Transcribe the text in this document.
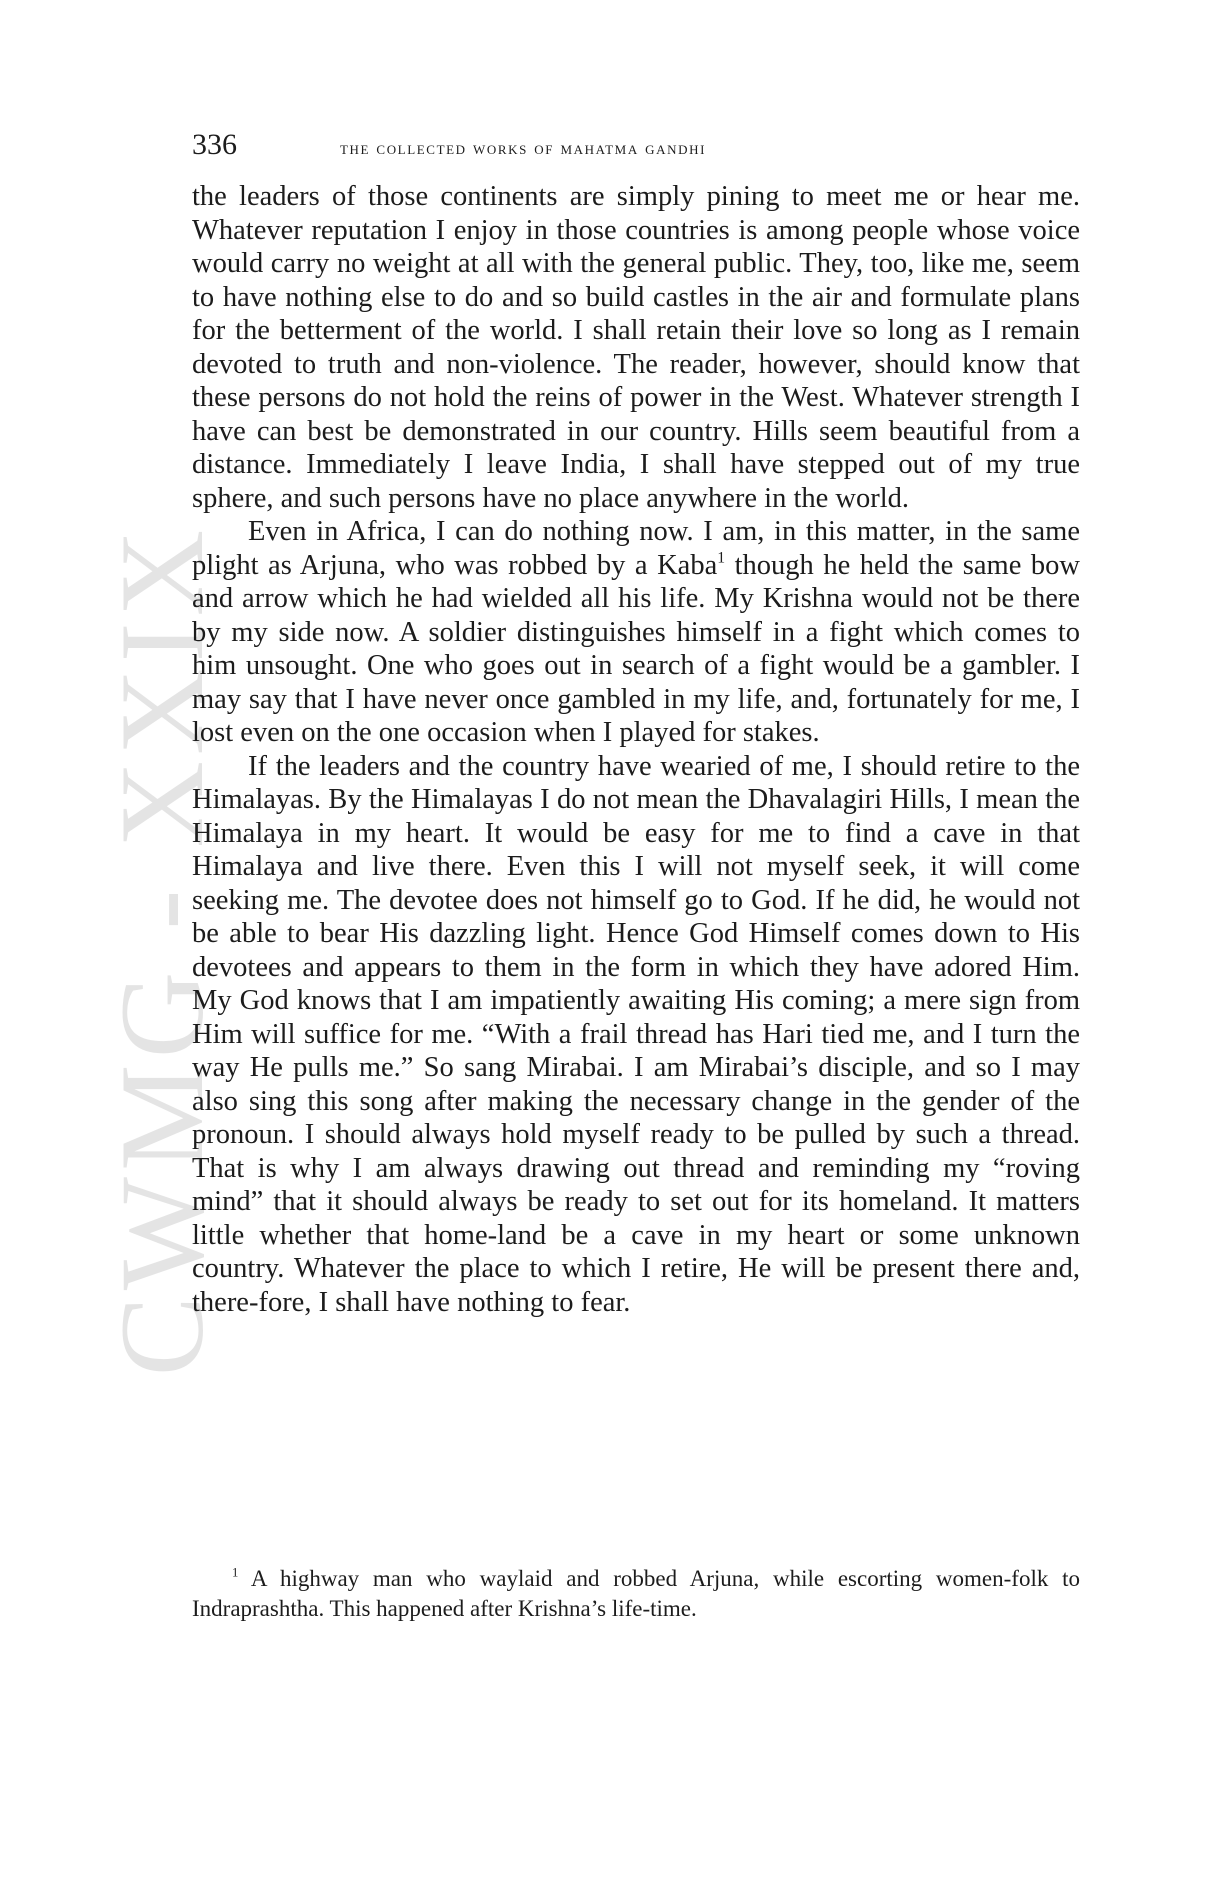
CWMG - XXIX
336	the collected works of mahatma gandhi

the leaders of those continents are simply pining to meet me or hear me. Whatever reputation I enjoy in those countries is among people whose voice would carry no weight at all with the general public. They, too, like me, seem to have nothing else to do and so build castles in the air and formulate plans for the betterment of the world. I shall retain their love so long as I remain devoted to truth and non-violence. The reader, however, should know that these persons do not hold the reins of power in the West. Whatever strength I have can best be demonstrated in our country. Hills seem beautiful from a distance. Immediately I leave India, I shall have stepped out of my true sphere, and such persons have no place anywhere in the world.

Even in Africa, I can do nothing now. I am, in this matter, in the same plight as Arjuna, who was robbed by a Kaba$^1$ though he held the same bow and arrow which he had wielded all his life. My Krishna would not be there by my side now. A soldier distinguishes himself in a fight which comes to him unsought. One who goes out in search of a fight would be a gambler. I may say that I have never once gambled in my life, and, fortunately for me, I lost even on the one occasion when I played for stakes.

If the leaders and the country have wearied of me, I should retire to the Himalayas. By the Himalayas I do not mean the Dhavalagiri Hills, I mean the Himalaya in my heart. It would be easy for me to find a cave in that Himalaya and live there. Even this I will not myself seek, it will come seeking me. The devotee does not himself go to God. If he did, he would not be able to bear His dazzling light. Hence God Himself comes down to His devotees and appears to them in the form in which they have adored Him. My God knows that I am impatiently awaiting His coming; a mere sign from Him will suffice for me. “With a frail thread has Hari tied me, and I turn the way He pulls me.” So sang Mirabai. I am Mirabai’s disciple, and so I may also sing this song after making the necessary change in the gender of the pronoun. I should always hold myself ready to be pulled by such a thread. That is why I am always drawing out thread and reminding my “roving mind” that it should always be ready to set out for its homeland. It matters little whether that home-land be a cave in my heart or some unknown country. Whatever the place to which I retire, He will be present there and, there-fore, I shall have nothing to fear.

$^1$ A highway man who waylaid and robbed Arjuna, while escorting women-folk to Indraprashtha. This happened after Krishna’s life-time.
